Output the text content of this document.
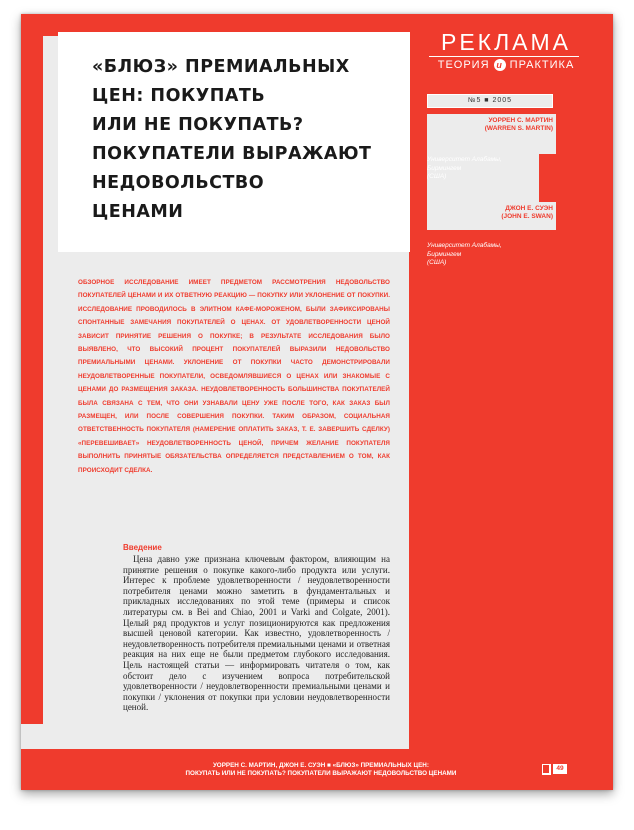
«БЛЮЗ» ПРЕМИАЛЬНЫХ
ЦЕН: ПОКУПАТЬ
ИЛИ НЕ ПОКУПАТЬ?
ПОКУПАТЕЛИ ВЫРАЖАЮТ
НЕДОВОЛЬСТВО
ЦЕНАМИ
РЕКЛАМА
ТЕОРИЯ и ПРАКТИКА
№5 ■ 2005
УОРРЕН С. МАРТИН
(WARREN S. MARTIN)
Университет Алабамы,
Бирмингем
(США)
ДЖОН Е. СУЭН
(JOHN E. SWAN)
Университет Алабамы,
Бирмингем
(США)
ОБЗОРНОЕ ИССЛЕДОВАНИЕ ИМЕЕТ ПРЕДМЕТОМ РАССМОТРЕНИЯ НЕДОВОЛЬСТВО ПОКУПАТЕЛЕЙ ЦЕНАМИ И ИХ ОТВЕТНУЮ РЕАКЦИЮ — ПОКУПКУ ИЛИ УКЛОНЕНИЕ ОТ ПОКУПКИ. ИССЛЕДОВАНИЕ ПРОВОДИЛОСЬ В ЭЛИТНОМ КАФЕ-МОРОЖЕНОМ, БЫЛИ ЗАФИКСИРОВАНЫ СПОНТАННЫЕ ЗАМЕЧАНИЯ ПОКУПАТЕЛЕЙ О ЦЕНАХ. ОТ УДОВЛЕТВОРЕННОСТИ ЦЕНОЙ ЗАВИСИТ ПРИНЯТИЕ РЕШЕНИЯ О ПОКУПКЕ; В РЕЗУЛЬТАТЕ ИССЛЕДОВАНИЯ БЫЛО ВЫЯВЛЕНО, ЧТО ВЫСОКИЙ ПРОЦЕНТ ПОКУПАТЕЛЕЙ ВЫРАЗИЛИ НЕДОВОЛЬСТВО ПРЕМИАЛЬНЫМИ ЦЕНАМИ. УКЛОНЕНИЕ ОТ ПОКУПКИ ЧАСТО ДЕМОНСТРИРОВАЛИ НЕУДОВЛЕТВОРЕННЫЕ ПОКУПАТЕЛИ, ОСВЕДОМЛЯВШИЕСЯ О ЦЕНАХ ИЛИ ЗНАКОМЫЕ С ЦЕНАМИ ДО РАЗМЕЩЕНИЯ ЗАКАЗА. НЕУДОВЛЕТВОРЕННОСТЬ БОЛЬШИНСТВА ПОКУПАТЕЛЕЙ БЫЛА СВЯЗАНА С ТЕМ, ЧТО ОНИ УЗНАВАЛИ ЦЕНУ УЖЕ ПОСЛЕ ТОГО, КАК ЗАКАЗ БЫЛ РАЗМЕЩЕН, ИЛИ ПОСЛЕ СОВЕРШЕНИЯ ПОКУПКИ. ТАКИМ ОБРАЗОМ, СОЦИАЛЬНАЯ ОТВЕТСТВЕННОСТЬ ПОКУПАТЕЛЯ (НАМЕРЕНИЕ ОПЛАТИТЬ ЗАКАЗ, Т. Е. ЗАВЕРШИТЬ СДЕЛКУ) «ПЕРЕВЕШИВАЕТ» НЕУДОВЛЕТВОРЕННОСТЬ ЦЕНОЙ, ПРИЧЕМ ЖЕЛАНИЕ ПОКУПАТЕЛЯ ВЫПОЛНИТЬ ПРИНЯТЫЕ ОБЯЗАТЕЛЬСТВА ОПРЕДЕЛЯЕТСЯ ПРЕДСТАВЛЕНИЕМ О ТОМ, КАК ПРОИСХОДИТ СДЕЛКА.
Введение
Цена давно уже признана ключевым фактором, влияющим на принятие решения о покупке какого-либо продукта или услуги. Интерес к проблеме удовлетворенности / неудовлетворенности потребителя ценами можно заметить в фундаментальных и прикладных исследованиях по этой теме (примеры и список литературы см. в Bei and Chiao, 2001 и Varki and Colgate, 2001). Целый ряд продуктов и услуг позиционируются как предложения высшей ценовой категории. Как известно, удовлетворенность / неудовлетворенность потребителя премиальными ценами и ответная реакция на них еще не были предметом глубокого исследования. Цель настоящей статьи — информировать читателя о том, как обстоит дело с изучением вопроса потребительской удовлетворенности / неудовлетворенности премиальными ценами и покупки / уклонения от покупки при условии неудовлетворенности ценой.
УОРРЕН С. МАРТИН, ДЖОН Е. СУЭН ■ «БЛЮЗ» ПРЕМИАЛЬНЫХ ЦЕН:
ПОКУПАТЬ ИЛИ НЕ ПОКУПАТЬ? ПОКУПАТЕЛИ ВЫРАЖАЮТ НЕДОВОЛЬСТВО ЦЕНАМИ
49
